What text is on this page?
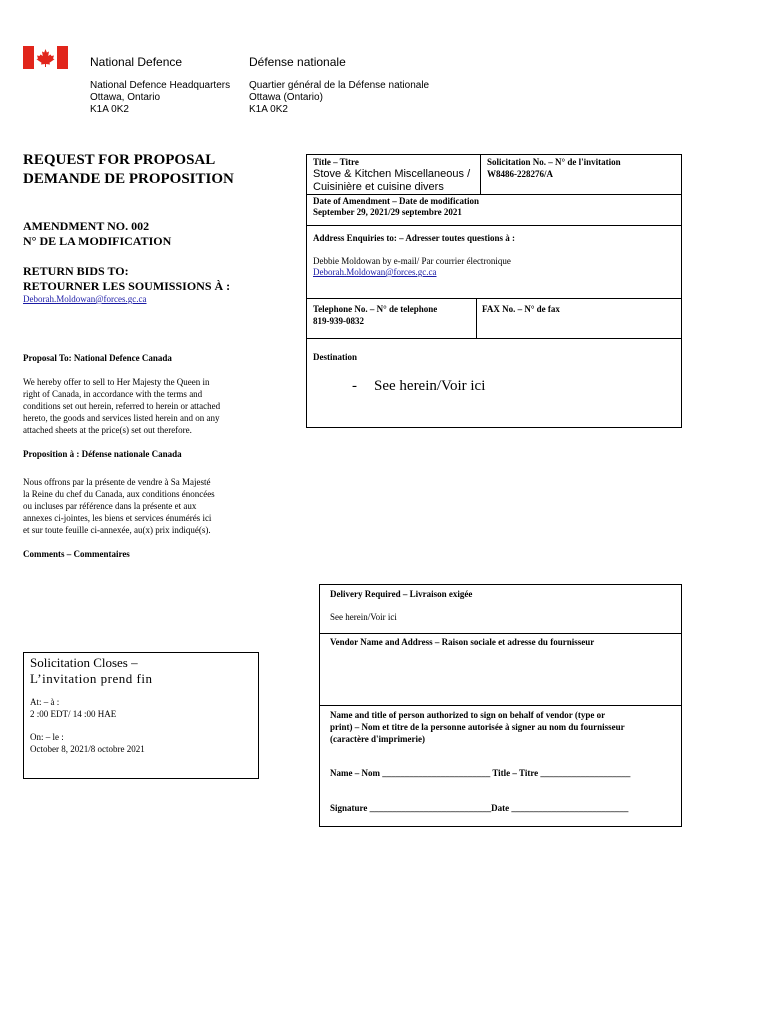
National Defence	Défense nationale
National Defence Headquarters
Ottawa, Ontario
K1A 0K2
Quartier général de la Défense nationale
Ottawa (Ontario)
K1A 0K2
REQUEST FOR PROPOSAL
DEMANDE DE PROPOSITION
AMENDMENT NO. 002
N° DE LA MODIFICATION
RETURN BIDS TO:
RETOURNER LES SOUMISSIONS À :
Deborah.Moldowan@forces.gc.ca
Proposal To: National Defence Canada
We hereby offer to sell to Her Majesty the Queen in
right of Canada, in accordance with the terms and
conditions set out herein, referred to herein or attached
hereto, the goods and services listed herein and on any
attached sheets at the price(s) set out therefore.
Proposition à : Défense nationale Canada
Nous offrons par la présente de vendre à Sa Majesté
la Reine du chef du Canada, aux conditions énoncées
ou incluses par référence dans la présente et aux
annexes ci-jointes, les biens et services énumérés ici
et sur toute feuille ci-annexée, au(x) prix indiqué(s).
Comments – Commentaires
Title – Titre
Stove & Kitchen Miscellaneous /
Cuisinière et cuisine divers
Solicitation No. – N° de l'invitation
W8486-228276/A
Date of Amendment – Date de modification
September 29, 2021/29 septembre 2021
Address Enquiries to: – Adresser toutes questions à :
Debbie Moldowan by e-mail/ Par courrier électronique
Deborah.Moldowan@forces.gc.ca
Telephone No. – N° de telephone
819-939-0832
FAX No. – N° de fax
Destination
- See herein/Voir ici
Solicitation Closes –
L’invitation prend fin
At: – à :
2 :00 EDT/ 14 :00 HAE
On: – le :
October 8, 2021/8 octobre 2021
Delivery Required – Livraison exigée
See herein/Voir ici
Vendor Name and Address – Raison sociale et adresse du fournisseur
Name and title of person authorized to sign on behalf of vendor (type or
print) – Nom et titre de la personne autorisée à signer au nom du fournisseur
(caractère d'imprimerie)
Name – Nom ________________________ Title – Titre ____________________
Signature ___________________________Date __________________________
